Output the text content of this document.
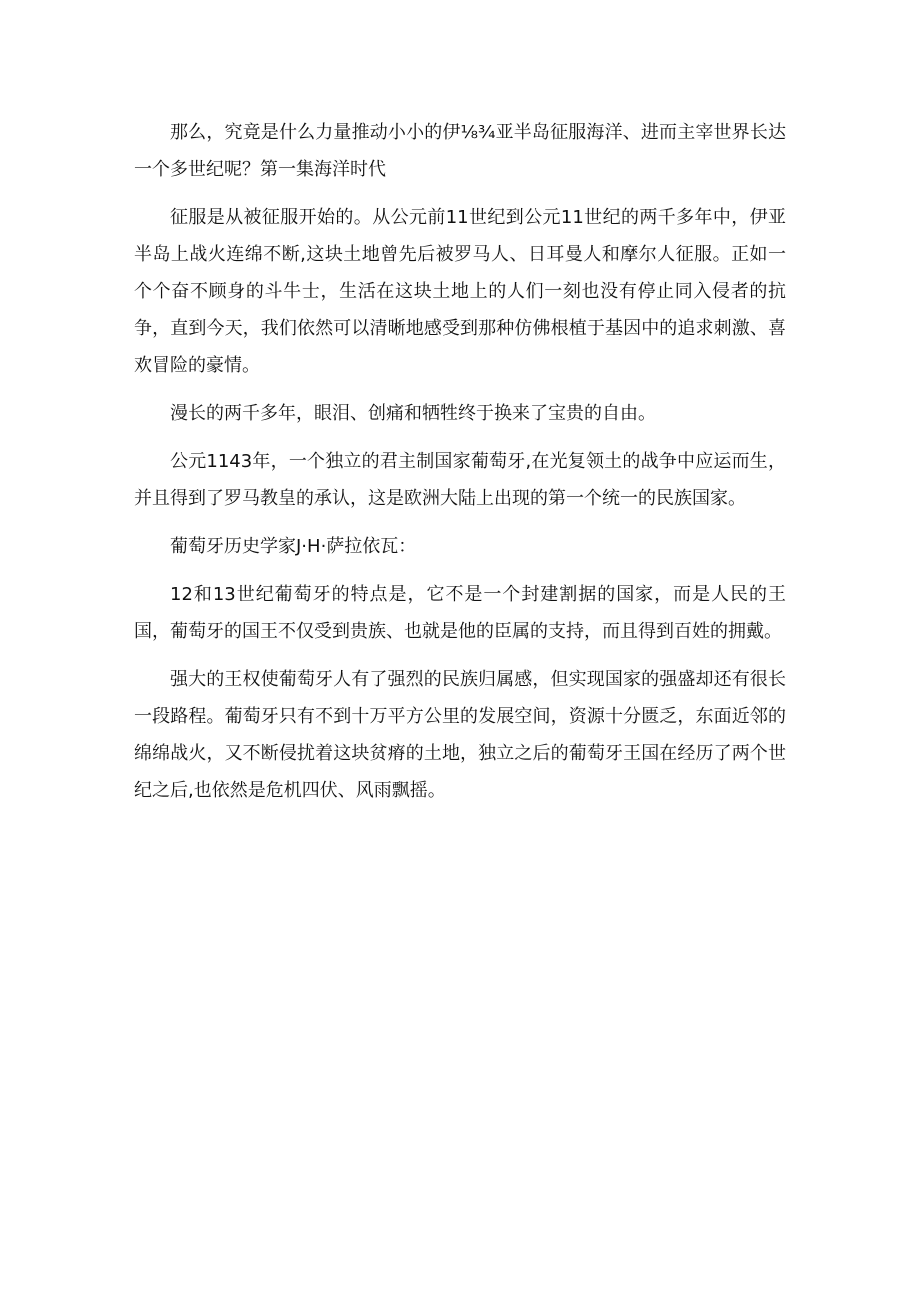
那么，究竟是什么力量推动小小的伊⅛¾亚半岛征服海洋、进而主宰世界长达一个多世纪呢？第一集海洋时代

征服是从被征服开始的。从公元前11世纪到公元11世纪的两千多年中，伊亚半岛上战火连绵不断,这块土地曾先后被罗马人、日耳曼人和摩尔人征服。正如一个个奋不顾身的斗牛士，生活在这块土地上的人们一刻也没有停止同入侵者的抗争，直到今天，我们依然可以清晰地感受到那种仿佛根植于基因中的追求刺激、喜欢冒险的豪情。

漫长的两千多年，眼泪、创痛和牺牲终于换来了宝贵的自由。

公元1143年，一个独立的君主制国家葡萄牙,在光复领土的战争中应运而生，并且得到了罗马教皇的承认，这是欧洲大陆上出现的第一个统一的民族国家。

葡萄牙历史学家J·H·萨拉依瓦：

12和13世纪葡萄牙的特点是，它不是一个封建割据的国家，而是人民的王国，葡萄牙的国王不仅受到贵族、也就是他的臣属的支持，而且得到百姓的拥戴。

强大的王权使葡萄牙人有了强烈的民族归属感，但实现国家的强盛却还有很长一段路程。葡萄牙只有不到十万平方公里的发展空间，资源十分匮乏，东面近邻的绵绵战火，又不断侵扰着这块贫瘠的土地，独立之后的葡萄牙王国在经历了两个世纪之后,也依然是危机四伏、风雨飘摇。
